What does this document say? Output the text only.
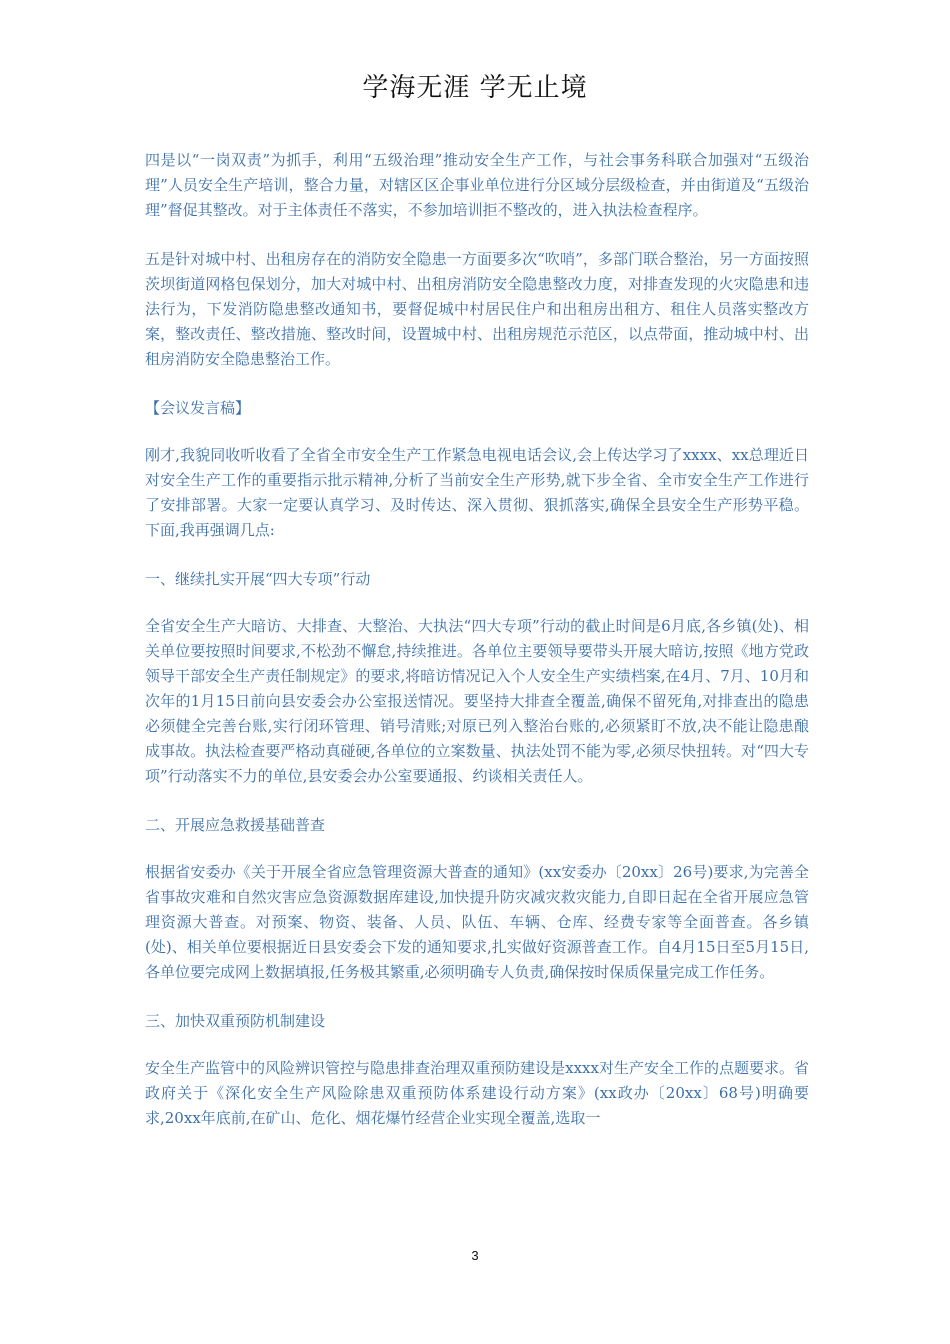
学海无涯 学无止境

四是以“一岗双责”为抓手，利用“五级治理”推动安全生产工作，与社会事务科联合加强对“五级治理”人员安全生产培训，整合力量，对辖区区企事业单位进行分区域分层级检查，并由街道及“五级治理”督促其整改。对于主体责任不落实，不参加培训拒不整改的，进入执法检查程序。

五是针对城中村、出租房存在的消防安全隐患一方面要多次“吹哨”，多部门联合整治，另一方面按照茨坝街道网格包保划分，加大对城中村、出租房消防安全隐患整改力度，对排查发现的火灾隐患和违法行为，下发消防隐患整改通知书，要督促城中村居民住户和出租房出租方、租住人员落实整改方案，整改责任、整改措施、整改时间，设置城中村、出租房规范示范区，以点带面，推动城中村、出租房消防安全隐患整治工作。

【会议发言稿】

刚才,我貌同收听收看了全省全市安全生产工作紧急电视电话会议,会上传达学习了xxxx、xx总理近日对安全生产工作的重要指示批示精神,分析了当前安全生产形势,就下步全省、全市安全生产工作进行了安排部署。大家一定要认真学习、及时传达、深入贯彻、狠抓落实,确保全县安全生产形势平稳。下面,我再强调几点:

一、继续扎实开展“四大专项”行动

全省安全生产大暗访、大排查、大整治、大执法“四大专项”行动的截止时间是6月底,各乡镇(处)、相关单位要按照时间要求,不松劲不懈怠,持续推进。各单位主要领导要带头开展大暗访,按照《地方党政领导干部安全生产责任制规定》的要求,将暗访情况记入个人安全生产实绩档案,在4月、7月、10月和次年的1月15日前向县安委会办公室报送情况。要坚持大排查全覆盖,确保不留死角,对排查出的隐患必须健全完善台账,实行闭环管理、销号清账;对原已列入整治台账的,必须紧盯不放,决不能让隐患酿成事故。执法检查要严格动真碰硬,各单位的立案数量、执法处罚不能为零,必须尽快扭转。对“四大专项”行动落实不力的单位,县安委会办公室要通报、约谈相关责任人。

二、开展应急救援基础普查

根据省安委办《关于开展全省应急管理资源大普查的通知》(xx安委办〔20xx〕26号)要求,为完善全省事故灾难和自然灾害应急资源数据库建设,加快提升防灾减灾救灾能力,自即日起在全省开展应急管理资源大普查。对预案、物资、装备、人员、队伍、车辆、仓库、经费专家等全面普查。各乡镇(处)、相关单位要根据近日县安委会下发的通知要求,扎实做好资源普查工作。自4月15日至5月15日,各单位要完成网上数据填报,任务极其繁重,必须明确专人负责,确保按时保质保量完成工作任务。

三、加快双重预防机制建设

安全生产监管中的风险辨识管控与隐患排查治理双重预防建设是xxxx对生产安全工作的点题要求。省政府关于《深化安全生产风险除患双重预防体系建设行动方案》(xx政办〔20xx〕68号)明确要求,20xx年底前,在矿山、危化、烟花爆竹经营企业实现全覆盖,选取一

3
